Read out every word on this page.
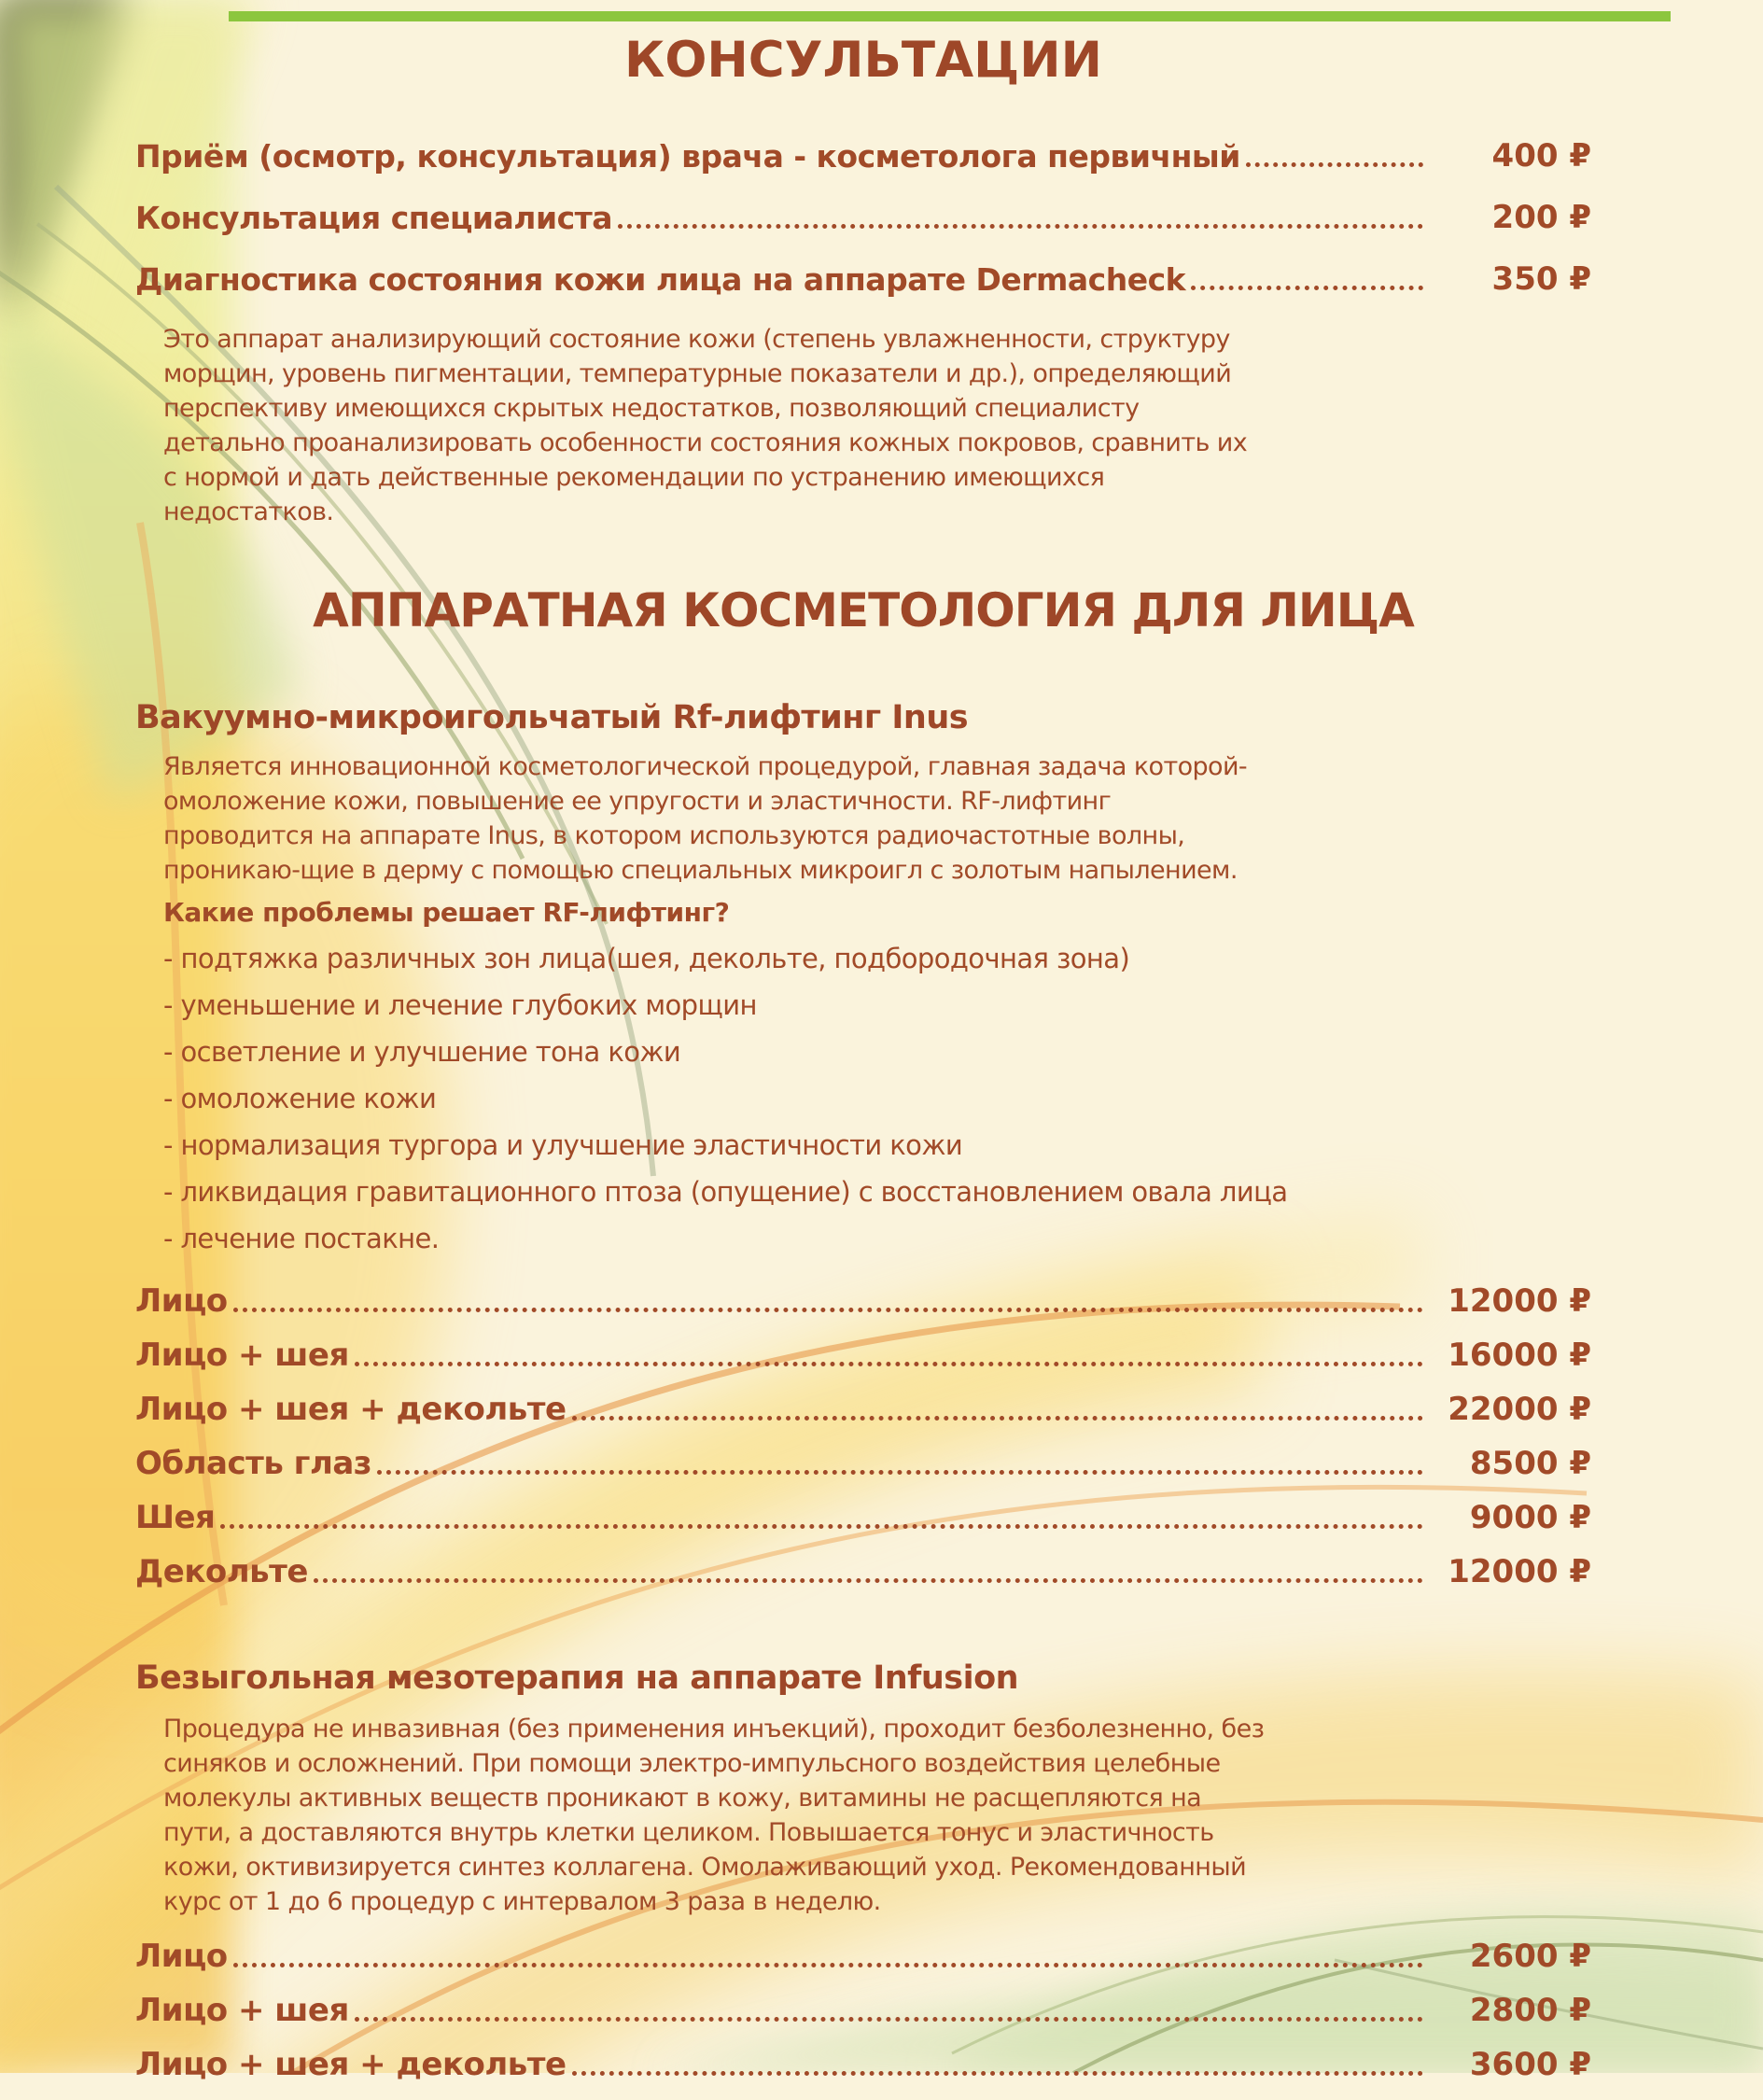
КОНСУЛЬТАЦИИ
Приём (осмотр, консультация) врача - косметолога первичный	400 ₽
Консультация специалиста	200 ₽
Диагностика состояния кожи лица на аппарате Dermacheck	350 ₽

Это аппарат анализирующий состояние кожи (степень увлажненности, структуру морщин, уровень пигментации, температурные показатели и др.), определяющий перспективу имеющихся скрытых недостатков, позволяющий специалисту детально проанализировать особенности состояния кожных покровов, сравнить их с нормой и дать действенные рекомендации по устранению имеющихся недостатков.

АППАРАТНАЯ КОСМЕТОЛОГИЯ ДЛЯ ЛИЦА
Вакуумно-микроигольчатый Rf-лифтинг Inus

Является инновационной косметологической процедурой, главная задача которой- омоложение кожи, повышение ее упругости и эластичности. RF-лифтинг проводится на аппарате Inus, в котором используются радиочастотные волны, проникаю-щие в дерму с помощью специальных микроигл с золотым напылением.

Какие проблемы решает RF-лифтинг?

- подтяжка различных зон лица(шея, декольте, подбородочная зона)
- уменьшение и лечение глубоких морщин
- осветление и улучшение тона кожи
- омоложение кожи
- нормализация тургора и улучшение эластичности кожи
- ликвидация гравитационного птоза (опущение) с восстановлением овала лица
- лечение постакне.
Лицо	12000 ₽
Лицо + шея	16000 ₽
Лицо + шея + декольте	22000 ₽
Область глаз	8500 ₽
Шея	9000 ₽
Декольте	12000 ₽
Безыгольная мезотерапия на аппарате Infusion

Процедура не инвазивная (без применения инъекций), проходит безболезненно, без синяков и осложнений. При помощи электро-импульсного воздействия целебные молекулы активных веществ проникают в кожу, витамины не расщепляются на пути, а доставляются внутрь клетки целиком. Повышается тонус и эластичность кожи, октивизируется синтез коллагена. Омолаживающий уход. Рекомендованный курс от 1 до 6 процедур с интервалом 3 раза в неделю.

Лицо	2600 ₽
Лицо + шея	2800 ₽
Лицо + шея + декольте	3600 ₽
